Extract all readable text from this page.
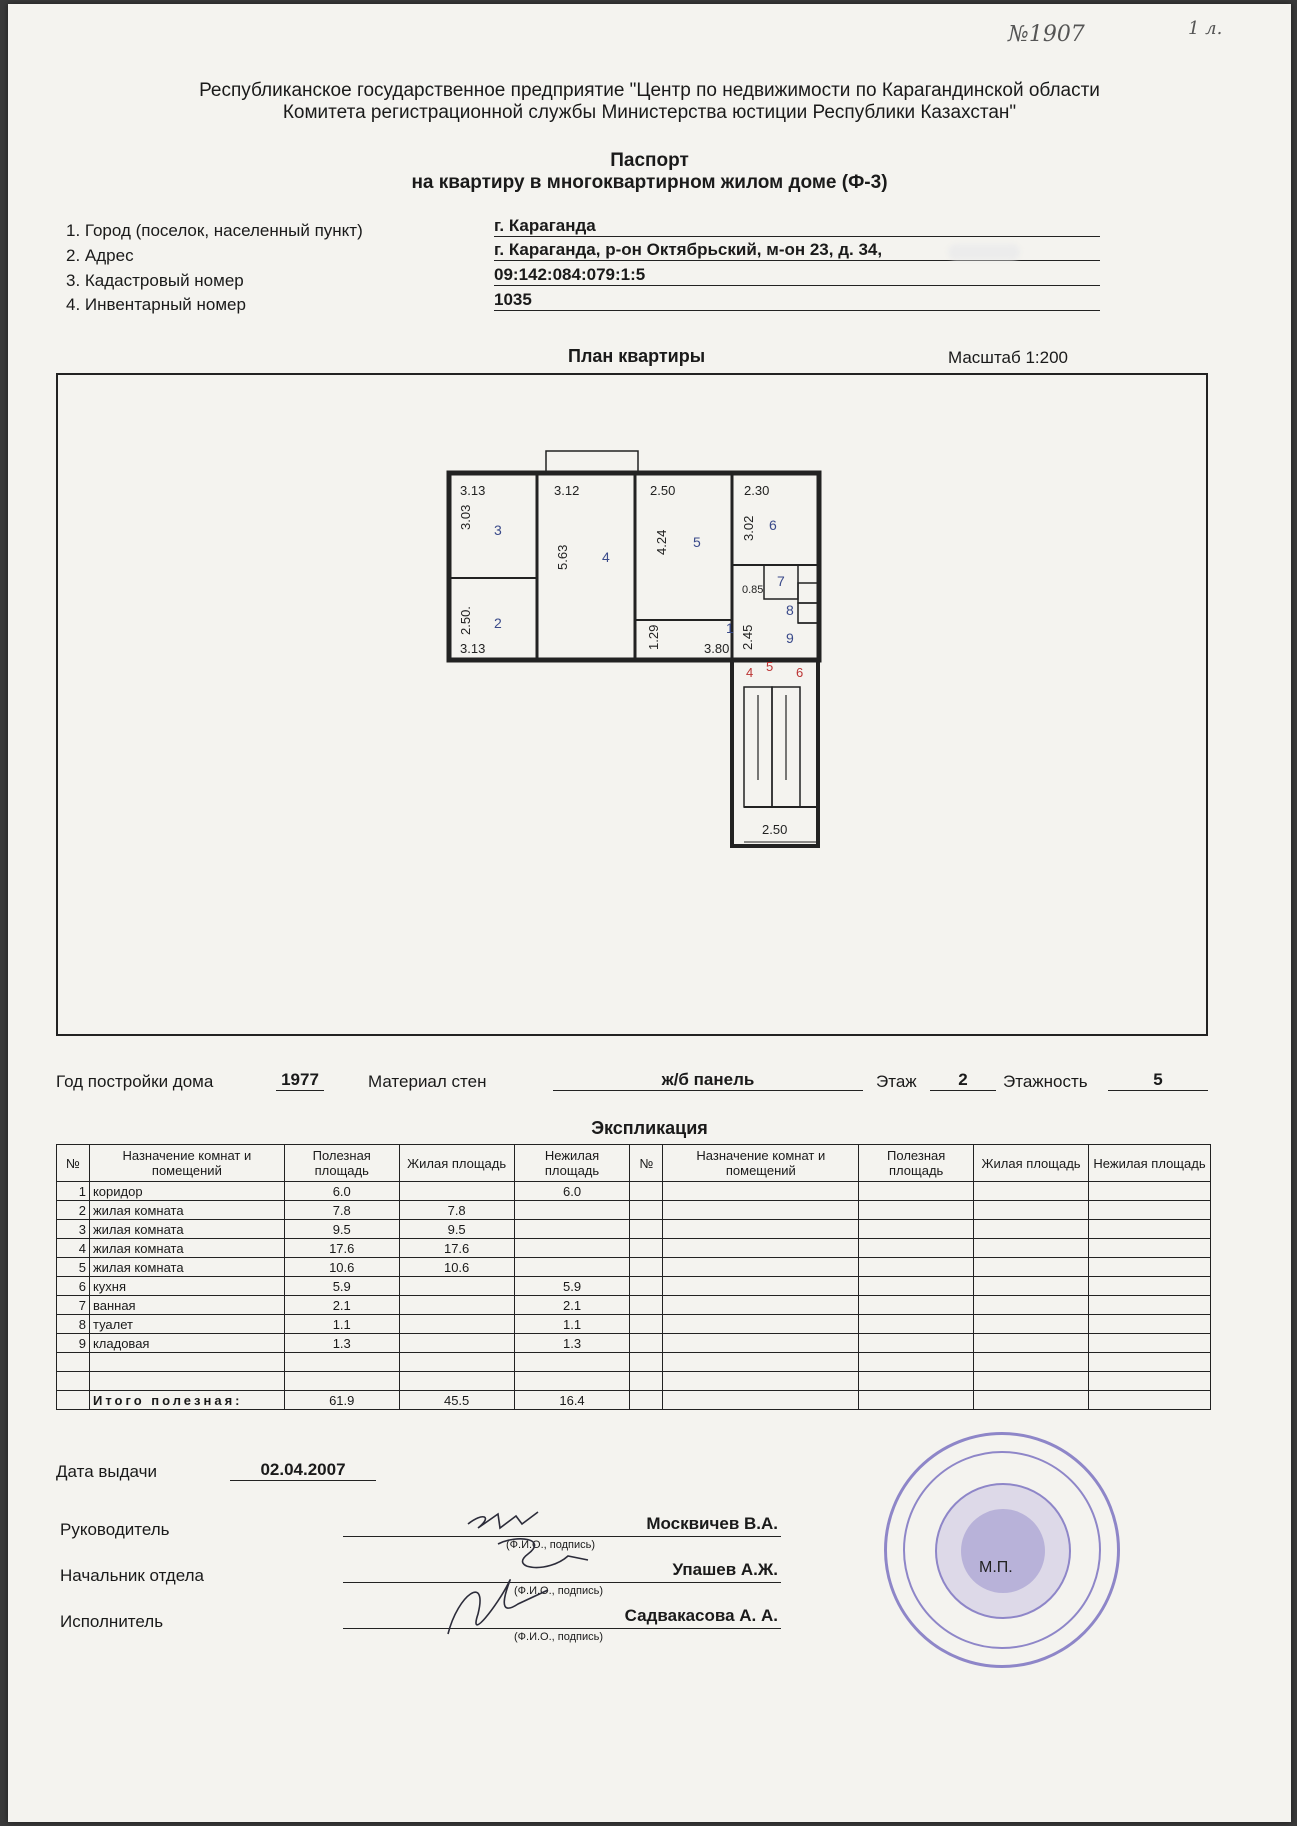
№1907	1 л.
Республиканское государственное предприятие "Центр по недвижимости по Карагандинской области
Комитета регистрационной службы Министерства юстиции Республики Казахстан"
Паспорт
на квартиру в многоквартирном жилом доме (Ф-3)
1. Город (поселок, населенный пункт)	г. Караганда
2. Адрес	г. Караганда, р-он Октябрьский, м-он 23, д. 34,
3. Кадастровый номер	09:142:084:079:1:5
4. Инвентарный номер	1035
План квартиры	Масштаб 1:200
3.13	3.12	2.50	2.30
3.03
5.63
4.24
3.02
2.50.
3.13	1.29	3.80 2.45
0.85
2.50
1
2
3
4
5
6
7
8
9
4 5 6
Год постройки дома	1977	Материал стен	ж/б панель	Этаж	2	Этажность	5
Экспликация
№	Назначение комнат и помещений	Полезная площадь	Жилая площадь	Нежилая площадь	№	Назначение комнат и помещений	Полезная площадь	Жилая площадь	Нежилая площадь
1	коридор	6.0		6.0					
2	жилая комната	7.8	7.8						
3	жилая комната	9.5	9.5						
4	жилая комната	17.6	17.6						
5	жилая комната	10.6	10.6						
6	кухня	5.9		5.9					
7	ванная	2.1		2.1					
8	туалет	1.1		1.1					
9	кладовая	1.3		1.3					

	Итого полезная:	61.9	45.5	16.4					
Дата выдачи	02.04.2007
Руководитель	Москвичев В.А.
(Ф.И.О., подпись)
Начальник отдела	Упашев А.Ж.
(Ф.И.О., подпись)
Исполнитель	Садвакасова А. А.
(Ф.И.О., подпись)
М.П.
